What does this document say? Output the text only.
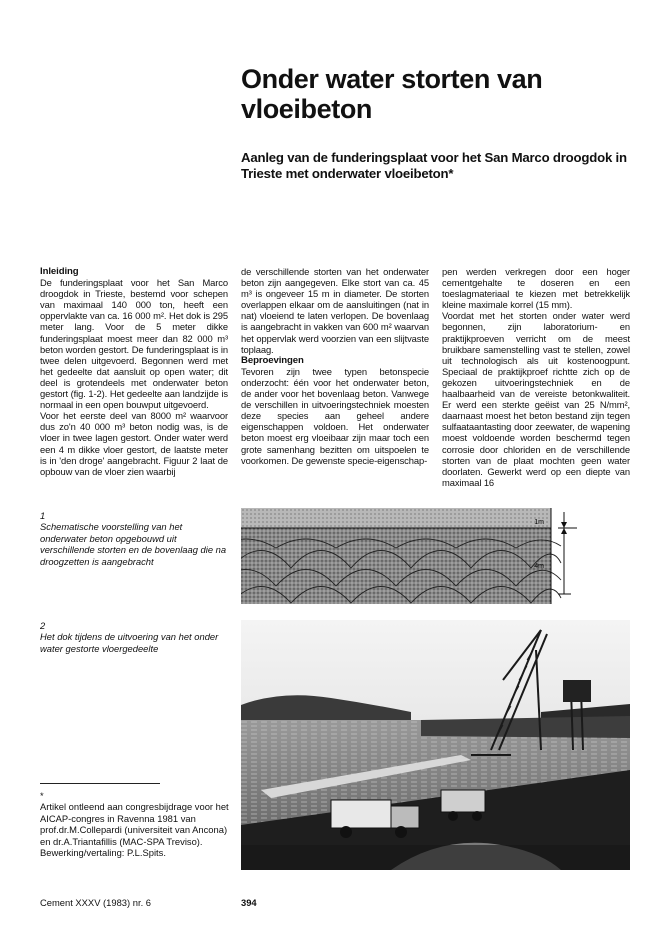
Onder water storten van vloeibeton
Aanleg van de funderingsplaat voor het San Marco droogdok in Trieste met onderwater vloeibeton*

Inleiding

De funderingsplaat voor het San Marco droogdok in Trieste, bestemd voor schepen van maximaal 140 000 ton, heeft een oppervlakte van ca. 16 000 m². Het dok is 295 meter lang. Voor de 5 meter dikke funderingsplaat moest meer dan 82 000 m³ beton worden gestort. De funderingsplaat is in twee delen uitgevoerd. Begonnen werd met het gedeelte dat aansluit op open water; dit deel is grotendeels met onderwater beton gestort (fig. 1-2). Het gedeelte aan landzijde is normaal in een open bouwput uitgevoerd.

Voor het eerste deel van 8000 m² waarvoor dus zo'n 40 000 m³ beton nodig was, is de vloer in twee lagen gestort. Onder water werd een 4 m dikke vloer gestort, de laatste meter is in 'den droge' aangebracht. Figuur 2 laat de opbouw van de vloer zien waarbij

de verschillende storten van het onderwater beton zijn aangegeven. Elke stort van ca. 45 m³ is ongeveer 15 m in diameter. De storten overlappen elkaar om de aansluitingen (nat in nat) vloeiend te laten verlopen. De bovenlaag is aangebracht in vakken van 600 m² waarvan het oppervlak werd voorzien van een slijtvaste toplaag.

Beproevingen

Tevoren zijn twee typen betonspecie onderzocht: één voor het onderwater beton, de ander voor het bovenlaag beton. Vanwege de verschillen in uitvoeringstechniek moesten deze species aan geheel andere eigenschappen voldoen. Het onderwater beton moest erg vloeibaar zijn maar toch een grote samenhang bezitten om uitspoelen te voorkomen. De gewenste specie-eigenschap-

pen werden verkregen door een hoger cementgehalte te doseren en een toeslagmateriaal te kiezen met betrekkelijk kleine maximale korrel (15 mm).

Voordat met het storten onder water werd begonnen, zijn laboratorium- en praktijkproeven verricht om de meest bruikbare samenstelling vast te stellen, zowel uit technologisch als uit kostenoogpunt. Speciaal de praktijkproef richtte zich op de gekozen uitvoeringstechniek en de haalbaarheid van de vereiste betonkwaliteit. Er werd een sterkte geëist van 25 N/mm², daarnaast moest het beton bestand zijn tegen sulfaataantasting door zeewater, de wapening moest voldoende worden beschermd tegen corrosie door chloriden en de verschillende storten van de plaat mochten geen water doorlaten. Gewerkt werd op een diepte van maximaal 16

1
Schematische voorstelling van het onderwater beton opgebouwd uit verschillende storten en de bovenlaag die na droogzetten is aangebracht
1m
4m
2
Het dok tijdens de uitvoering van het onder water gestorte vloergedeelte

*
Artikel ontleend aan congresbijdrage voor het AICAP-congres in Ravenna 1981 van prof.dr.M.Collepardi (universiteit van Ancona) en dr.A.Triantafillis (MAC-SPA Treviso). Bewerking/vertaling: P.L.Spits.

Cement XXXV (1983) nr. 6	394
